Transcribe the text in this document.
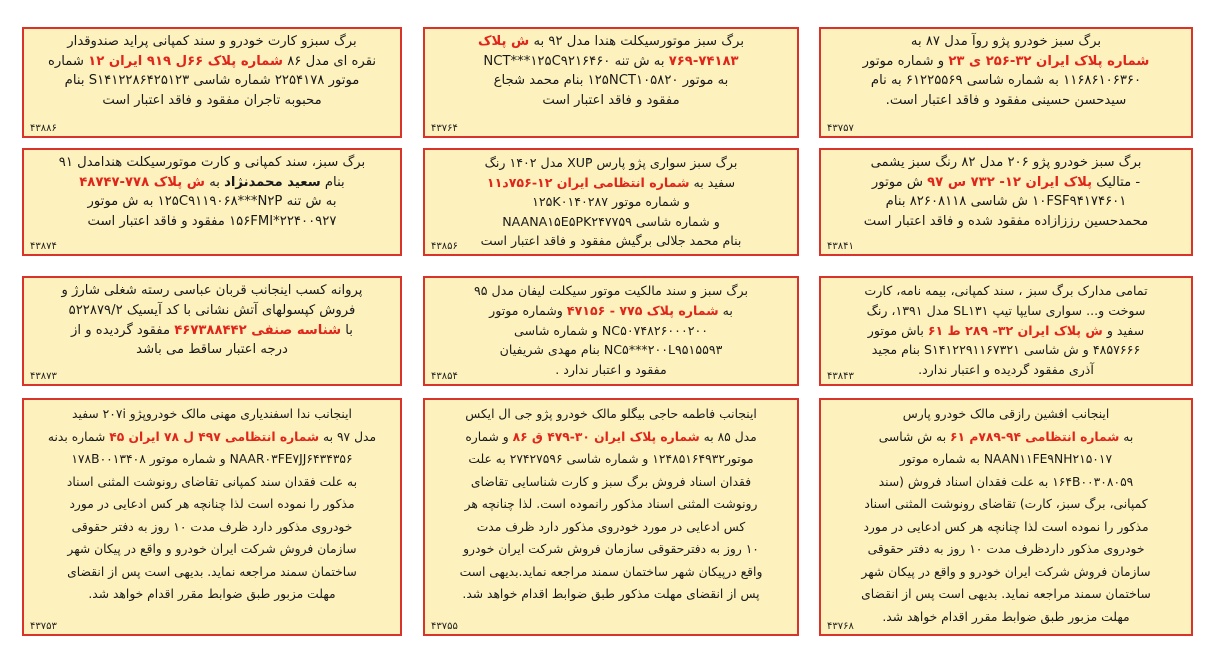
برگ سبز خودرو پژو روآ مدل ۸۷ به
شماره پلاک ایران ۳۲-۲۵۶ ی ۲۳ و شماره موتور
۱۱۶۸۶۱۰۶۳۶۰ به شماره شاسی ۶۱۲۲۵۵۶۹ به نام
سیدحسن حسینی مفقود و فاقد اعتبار است.
۴۳۷۵۷
برگ سبز موتورسیکلت هندا مدل ۹۲ به ش پلاک
۷۶۹-۷۴۱۸۳ به ش تنه NCT***۱۲۵C۹۲۱۶۴۶۰
به موتور ۱۲۵NCT۱۰۵۸۲۰ بنام محمد شجاع
مفقود و فاقد اعتبار است
۴۳۷۶۴
برگ سبزو کارت خودرو و سند کمپانی پراید صندوقدار
نقره ای مدل ۸۶ شماره پلاک ۶۶ل ۹۱۹ ایران ۱۲ شماره
موتور ۲۲۵۴۱۷۸ شماره شاسی S۱۴۱۲۲۸۶۴۲۵۱۲۳ بنام
محبوبه تاجران مفقود و فاقد اعتبار است
۴۳۸۸۶
برگ سبز خودرو پژو ۲۰۶ مدل ۸۲ رنگ سبز یشمی
- متالیک پلاک ایران ۱۲- ۷۳۲ س ۹۷ ش موتور
۱۰FSF۹۴۱۷۴۶۰۱ ش شاسی ۸۲۶۰۸۱۱۸ بنام
محمدحسین رززازاده مفقود شده و فاقد اعتبار است
۴۳۸۴۱
برگ سبز سواری پژو پارس XUۢP مدل ۱۴۰۲ رنگ
سفید به شماره انتظامی ایران ۱۲-۷۵۶د۱۱
و شماره موتور ۱۲۵K۰۱۴۰۲۸۷
و شماره شاسی NAANA۱۵E۵PK۲۴۷۷۵۹
بنام محمد جلالی برگیش مفقود و فاقد اعتبار است
۴۳۸۵۶
برگ سبز، سند کمپانی و کارت موتورسیکلت هندامدل ۹۱
بنام سعید محمدنژاد به ش پلاک ۷۷۸-۴۸۷۴۷
به ش تنه ۱۲۵C۹۱۱۹۰۶۸***N۲P به ش موتور
۱۵۶FMI*۲۲۴۰۰۹۲۷ مفقود و فاقد اعتبار است
۴۳۸۷۴
تمامی مدارک برگ سبز ، سند کمپانی، بیمه نامه، کارت
سوخت و... سواری سایپا تیپ SL۱۳۱ مدل ۱۳۹۱، رنگ
سفید و ش پلاک ایران ۳۲- ۲۸۹ ط ۶۱ باش موتور
۴۸۵۷۶۶۶ و ش شاسی S۱۴۱۲۲۹۱۱۶۷۳۲۱ بنام مجید
آذری مفقود گردیده و اعتبار ندارد.
۴۳۸۴۳
برگ سبز و سند مالکیت موتور سیکلت لیفان مدل ۹۵
به شماره پلاک ۷۷۵ - ۴۷۱۵۶ وشماره موتور
NC۵۰۷۴۸۲۶۰۰۰۲۰۰ و شماره شاسی
NC۵***۲۰۰L۹۵۱۵۵۹۳ بنام مهدی شریفیان
مفقود و اعتبار ندارد .
۴۳۸۵۴
پروانه کسب اینجانب قربان عباسی رسته شغلی شارژ و
فروش کپسولهای آتش نشانی با کد آیسیک ۵۲۲۸۷۹/۲
با شناسه صنفی ۴۶۷۳۸۸۴۴۲ مفقود گردیده و از
درجه اعتبار ساقط می باشد
۴۳۸۷۳
اینجانب افشین رازقی مالک خودرو پارس
به شماره انتظامی ۹۴-۷۸۹م ۶۱ به ش شاسی
NAAN۱۱FE۹NH۲۱۵۰۱۷ به شماره موتور
۱۶۴B۰۰۳۰۸۰۵۹ به علت فقدان اسناد فروش (سند
کمپانی، برگ سبز، کارت) تقاضای رونوشت المثنی اسناد
مذکور را نموده است لذا چنانچه هر کس ادعایی در مورد
خودروی مذکور داردظرف مدت ۱۰ روز به دفتر حقوقی
سازمان فروش شرکت ایران خودرو و واقع در پیکان شهر
ساختمان سمند مراجعه نماید. بدیهی است پس از انقضای
مهلت مزبور طبق ضوابط مقرر اقدام خواهد شد.
۴۳۷۶۸
اینجانب فاطمه حاجی بیگلو مالک خودرو پژو جی ال ایکس
مدل ۸۵ به شماره پلاک ایران ۳۰-۴۷۹ ق ۸۶ و شماره
موتور۱۲۴۸۵۱۶۴۹۳۲ و شماره شاسی ۲۷۴۲۷۵۹۶ به علت
فقدان اسناد فروش برگ سبز و کارت شناسایی تقاضای
رونوشت المثنی اسناد مذکور رانموده است. لذا چنانچه هر
کس ادعایی در مورد خودروی مذکور دارد ظرف مدت
۱۰ روز به دفترحقوقی سازمان فروش شرکت ایران خودرو
واقع درپیکان شهر ساختمان سمند مراجعه نماید.بدیهی است
پس از انقضای مهلت مذکور طبق ضوابط اقدام خواهد شد.
۴۳۷۵۵
اینجانب ندا اسفندیاری مهنی مالک خودروپژو ۲۰۷i سفید
مدل ۹۷ به شماره انتظامی ۴۹۷ ل ۷۸ ایران ۴۵ شماره بدنه
NAAR۰۳FE۷JJ۶۴۳۴۳۵۶ و شماره موتور ۱۷۸B۰۰۱۳۴۰۸
به علت فقدان سند کمپانی تقاضای رونوشت المثنی اسناد
مذکور را نموده است لذا چنانچه هر کس ادعایی در مورد
خودروی مذکور دارد ظرف مدت ۱۰ روز به دفتر حقوقی
سازمان فروش شرکت ایران خودرو و واقع در پیکان شهر
ساختمان سمند مراجعه نماید. بدیهی است پس از انقضای
مهلت مزبور طبق ضوابط مقرر اقدام خواهد شد.
۴۳۷۵۳
